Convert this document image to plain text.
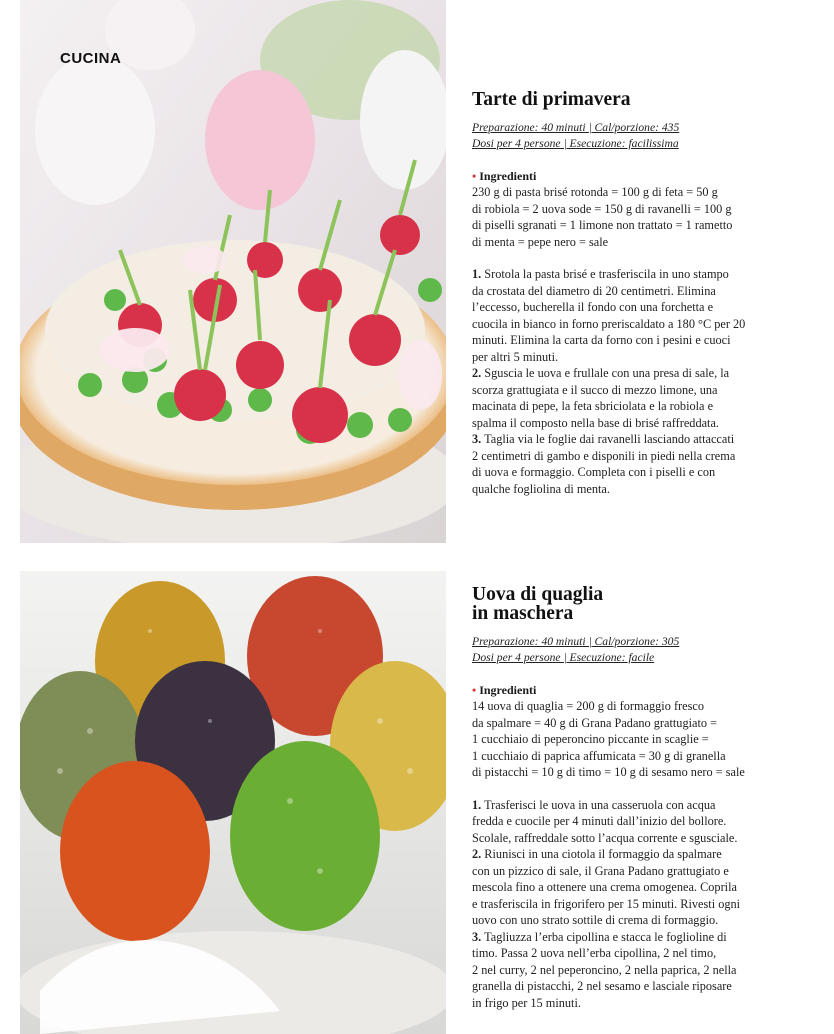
CUCINA
Tarte di primavera
Preparazione: 40 minuti | Cal/porzione: 435
Dosi per 4 persone | Esecuzione: facilissima
• Ingredienti
230 g di pasta brisé rotonda = 100 g di feta = 50 g
di robiola = 2 uova sode = 150 g di ravanelli = 100 g
di piselli sgranati = 1 limone non trattato = 1 rametto
di menta = pepe nero = sale
1. Srotola la pasta brisé e trasferiscila in uno stampo
da crostata del diametro di 20 centimetri. Elimina
l’eccesso, bucherella il fondo con una forchetta e
cuocila in bianco in forno preriscaldato a 180 °C per 20
minuti. Elimina la carta da forno con i pesini e cuoci
per altri 5 minuti.
2. Sguscia le uova e frullale con una presa di sale, la
scorza grattugiata e il succo di mezzo limone, una
macinata di pepe, la feta sbriciolata e la robiola e
spalma il composto nella base di brisé raffreddata.
3. Taglia via le foglie dai ravanelli lasciando attaccati
2 centimetri di gambo e disponili in piedi nella crema
di uova e formaggio. Completa con i piselli e con
qualche fogliolina di menta.
Uova di quaglia
in maschera
Preparazione: 40 minuti | Cal/porzione: 305
Dosi per 4 persone | Esecuzione: facile
• Ingredienti
14 uova di quaglia = 200 g di formaggio fresco
da spalmare = 40 g di Grana Padano grattugiato =
1 cucchiaio di peperoncino piccante in scaglie =
1 cucchiaio di paprica affumicata = 30 g di granella
di pistacchi = 10 g di timo = 10 g di sesamo nero = sale
1. Trasferisci le uova in una casseruola con acqua
fredda e cuocile per 4 minuti dall’inizio del bollore.
Scolale, raffreddale sotto l’acqua corrente e sgusciale.
2. Riunisci in una ciotola il formaggio da spalmare
con un pizzico di sale, il Grana Padano grattugiato e
mescola fino a ottenere una crema omogenea. Coprila
e trasferiscila in frigorifero per 15 minuti. Rivesti ogni
uovo con uno strato sottile di crema di formaggio.
3. Tagliuzza l’erba cipollina e stacca le foglioline di
timo. Passa 2 uova nell’erba cipollina, 2 nel timo,
2 nel curry, 2 nel peperoncino, 2 nella paprica, 2 nella
granella di pistacchi, 2 nel sesamo e lasciale riposare
in frigo per 15 minuti.
